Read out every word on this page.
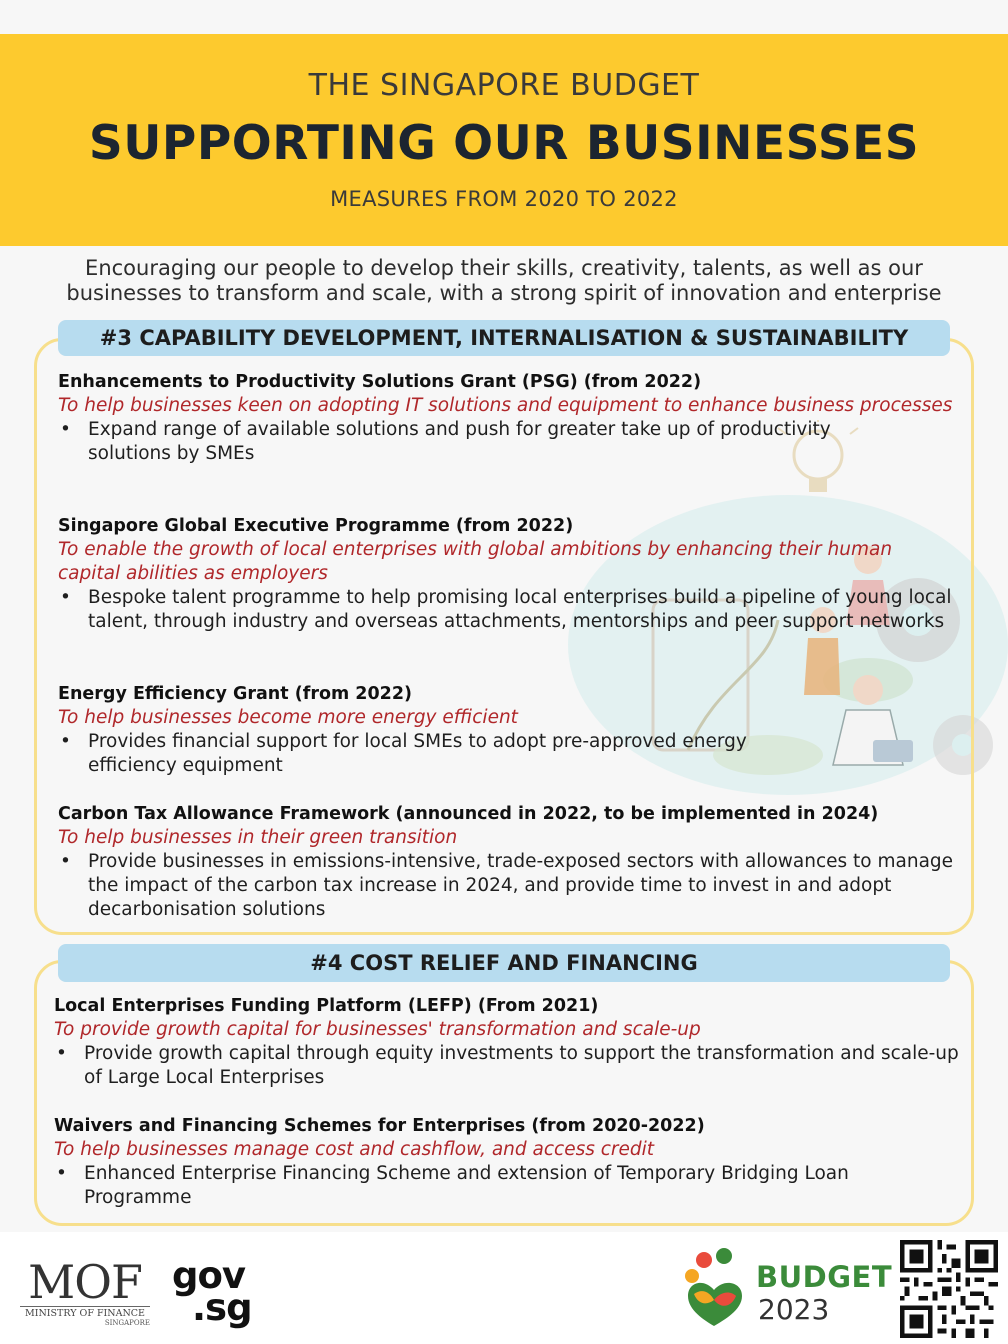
THE SINGAPORE BUDGET
SUPPORTING OUR BUSINESSES
MEASURES FROM 2020 TO 2022
Encouraging our people to develop their skills, creativity, talents, as well as our
businesses to transform and scale, with a strong spirit of innovation and enterprise
#3 CAPABILITY DEVELOPMENT, INTERNALISATION & SUSTAINABILITY
Enhancements to Productivity Solutions Grant (PSG) (from 2022)
To help businesses keen on adopting IT solutions and equipment to enhance business processes
• Expand range of available solutions and push for greater take up of productivity solutions by SMEs
Singapore Global Executive Programme (from 2022)
To enable the growth of local enterprises with global ambitions by enhancing their human capital abilities as employers
• Bespoke talent programme to help promising local enterprises build a pipeline of young local talent, through industry and overseas attachments, mentorships and peer support networks
Energy Efficiency Grant (from 2022)
To help businesses become more energy efficient
• Provides financial support for local SMEs to adopt pre-approved energy efficiency equipment
Carbon Tax Allowance Framework (announced in 2022, to be implemented in 2024)
To help businesses in their green transition
• Provide businesses in emissions-intensive, trade-exposed sectors with allowances to manage the impact of the carbon tax increase in 2024, and provide time to invest in and adopt decarbonisation solutions
#4 COST RELIEF AND FINANCING
Local Enterprises Funding Platform (LEFP) (From 2021)
To provide growth capital for businesses' transformation and scale-up
• Provide growth capital through equity investments to support the transformation and scale-up of Large Local Enterprises
Waivers and Financing Schemes for Enterprises (from 2020-2022)
To help businesses manage cost and cashflow, and access credit
• Enhanced Enterprise Financing Scheme and extension of Temporary Bridging Loan Programme
MOF
MINISTRY OF FINANCE
SINGAPORE
gov
.sg
BUDGET
2023
